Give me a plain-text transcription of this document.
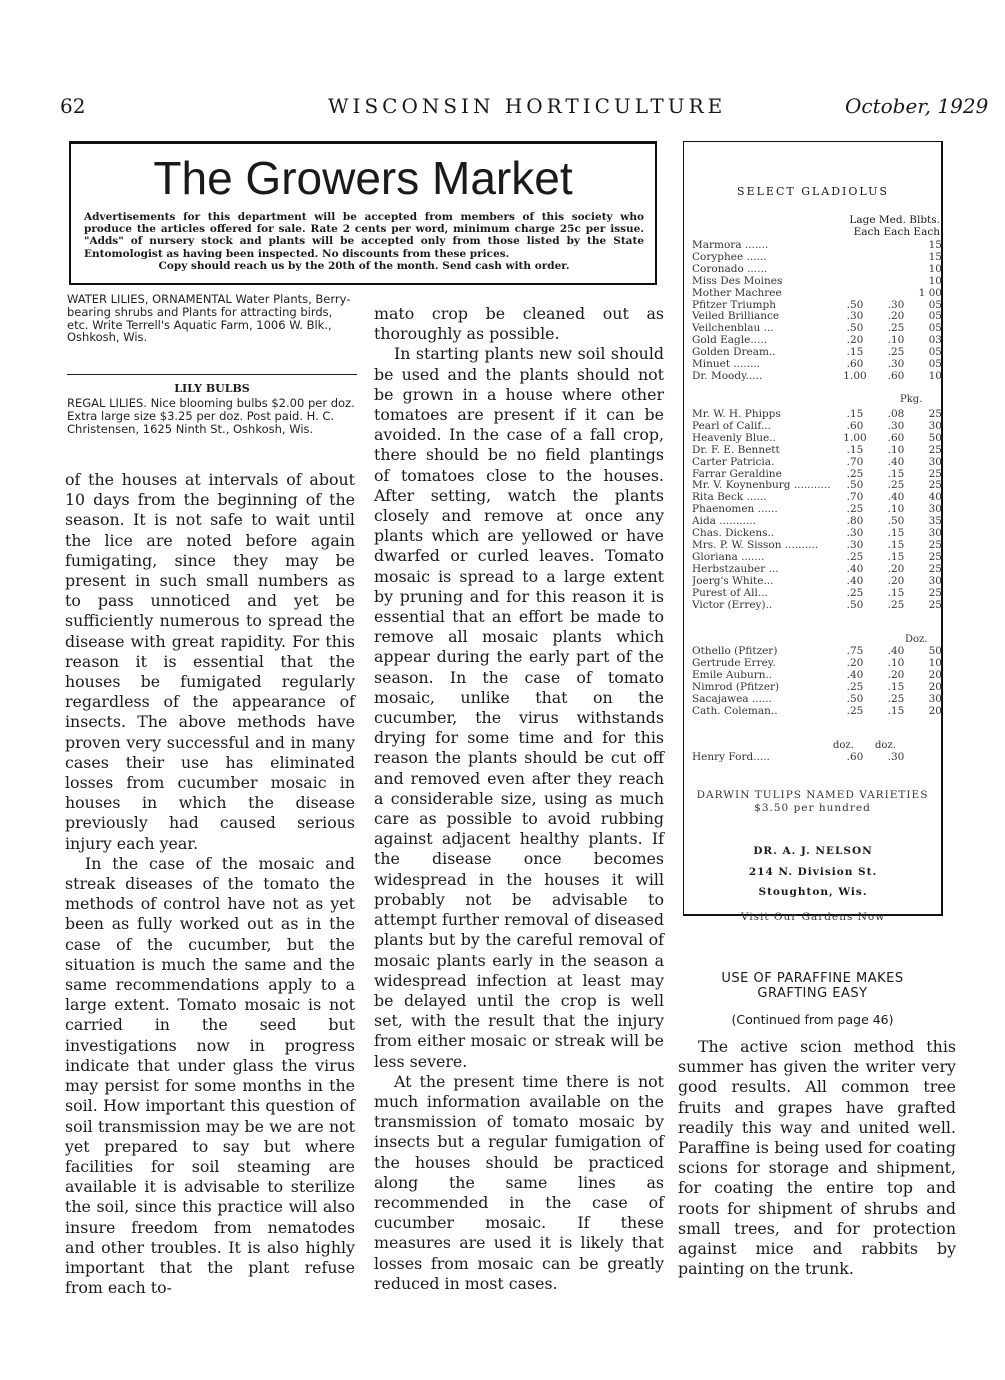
62	WISCONSIN HORTICULTURE	October, 1929
The Growers Market
Advertisements for this department will be accepted from members of this society who produce the articles offered for sale. Rate 2 cents per word, minimum charge 25c per issue. "Adds" of nursery stock and plants will be accepted only from those listed by the State Entomologist as having been inspected. No discounts from these prices.
Copy should reach us by the 20th of the month. Send cash with order.
WATER LILIES, ORNAMENTAL Water Plants, Berry-bearing shrubs and Plants for attracting birds, etc. Write Terrell's Aquatic Farm, 1006 W. Blk., Oshkosh, Wis.
LILY BULBS
REGAL LILIES. Nice blooming bulbs $2.00 per doz. Extra large size $3.25 per doz. Post paid. H. C. Christensen, 1625 Ninth St., Oshkosh, Wis.

of the houses at intervals of about 10 days from the beginning of the season. It is not safe to wait until the lice are noted before again fumigating, since they may be present in such small numbers as to pass unnoticed and yet be sufficiently numerous to spread the disease with great rapidity. For this reason it is essential that the houses be fumigated regularly regardless of the appearance of insects. The above methods have proven very successful and in many cases their use has eliminated losses from cucumber mosaic in houses in which the disease previously had caused serious injury each year.

In the case of the mosaic and streak diseases of the tomato the methods of control have not as yet been as fully worked out as in the case of the cucumber, but the situation is much the same and the same recommendations apply to a large extent. Tomato mosaic is not carried in the seed but investigations now in progress indicate that under glass the virus may persist for some months in the soil. How important this question of soil transmission may be we are not yet prepared to say but where facilities for soil steaming are available it is advisable to sterilize the soil, since this practice will also insure freedom from nematodes and other troubles. It is also highly important that the plant refuse from each to-

mato crop be cleaned out as thoroughly as possible.

In starting plants new soil should be used and the plants should not be grown in a house where other tomatoes are present if it can be avoided. In the case of a fall crop, there should be no field plantings of tomatoes close to the houses. After setting, watch the plants closely and remove at once any plants which are yellowed or have dwarfed or curled leaves. Tomato mosaic is spread to a large extent by pruning and for this reason it is essential that an effort be made to remove all mosaic plants which appear during the early part of the season. In the case of tomato mosaic, unlike that on the cucumber, the virus withstands drying for some time and for this reason the plants should be cut off and removed even after they reach a considerable size, using as much care as possible to avoid rubbing against adjacent healthy plants. If the disease once becomes widespread in the houses it will probably not be advisable to attempt further removal of diseased plants but by the careful removal of mosaic plants early in the season a widespread infection at least may be delayed until the crop is well set, with the result that the injury from either mosaic or streak will be less severe.

At the present time there is not much information available on the transmission of tomato mosaic by insects but a regular fumigation of the houses should be practiced along the same lines as recommended in the case of cucumber mosaic. If these measures are used it is likely that losses from mosaic can be greatly reduced in most cases.

SELECT GLADIOLUS
Lage Med. Blbts.
Each Each Each
Marmora .......			15
Coryphee ......			15
Coronado ......			10
Miss Des Moines			10
Mother Machree			1 00
Pfitzer Triumph	.50	.30	05
Veiled Brilliance	.30	.20	05
Veilchenblau ...	.50	.25	05
Gold Eagle.....	.20	.10	03
Golden Dream..	.15	.25	05
Minuet ........	.60	.30	05
Dr. Moody.....	1.00	.60	10
Pkg.
Mr. W. H. Phipps	.15	.08	25
Pearl of Calif...	.60	.30	30
Heavenly Blue..	1.00	.60	50
Dr. F. E. Bennett	.15	.10	25
Carter Patricia.	.70	.40	30
Farrar Geraldine	.25	.15	25
Mr. V. Koynenburg ...........	.50	.25	25
Rita Beck ......	.70	.40	40
Phaenomen ......	.25	.10	30
Aida ...........	.80	.50	35
Chas. Dickens..	.30	.15	30
Mrs. P. W. Sisson ..........	.30	.15	25
Gloriana .......	.25	.15	25
Herbstzauber ...	.40	.20	25
Joerg's White...	.40	.20	30
Purest of All...	.25	.15	25
Victor (Errey)..	.50	.25	25
Doz.
Othello (Pfitzer)	.75	.40	50
Gertrude Errey.	.20	.10	10
Emile Auburn..	.40	.20	20
Nimrod (Pfitzer)	.25	.15	20
Sacajawea ......	.50	.25	30
Cath. Coleman..	.25	.15	20
doz. doz.
Henry Ford.....	.60	.30	
DARWIN TULIPS NAMED VARIETIES $3.50 per hundred
DR. A. J. NELSON
214 N. Division St.
Stoughton, Wis.
Visit Our Gardens Now
USE OF PARAFFINE MAKES GRAFTING EASY
(Continued from page 46)

The active scion method this summer has given the writer very good results. All common tree fruits and grapes have grafted readily this way and united well. Paraffine is being used for coating scions for storage and shipment, for coating the entire top and roots for shipment of shrubs and small trees, and for protection against mice and rabbits by painting on the trunk.
